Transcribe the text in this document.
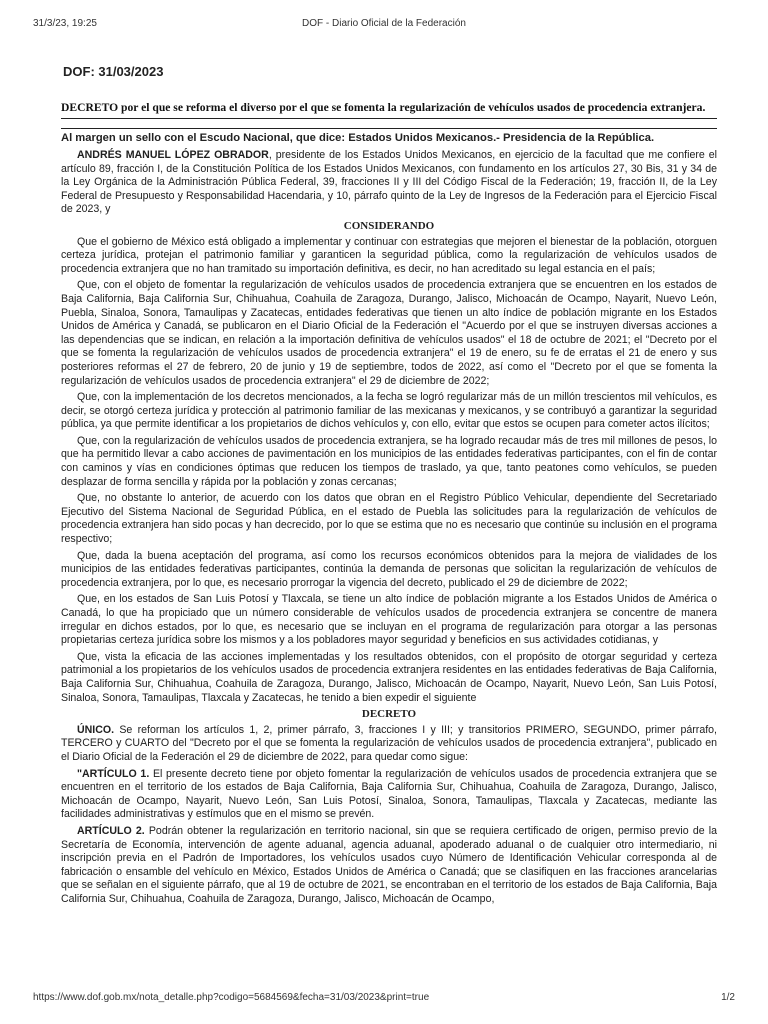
31/3/23, 19:25	DOF - Diario Oficial de la Federación
DOF: 31/03/2023
DECRETO por el que se reforma el diverso por el que se fomenta la regularización de vehículos usados de procedencia extranjera.
Al margen un sello con el Escudo Nacional, que dice: Estados Unidos Mexicanos.- Presidencia de la República.

ANDRÉS MANUEL LÓPEZ OBRADOR, presidente de los Estados Unidos Mexicanos, en ejercicio de la facultad que me confiere el artículo 89, fracción I, de la Constitución Política de los Estados Unidos Mexicanos, con fundamento en los artículos 27, 30 Bis, 31 y 34 de la Ley Orgánica de la Administración Pública Federal, 39, fracciones II y III del Código Fiscal de la Federación; 19, fracción II, de la Ley Federal de Presupuesto y Responsabilidad Hacendaria, y 10, párrafo quinto de la Ley de Ingresos de la Federación para el Ejercicio Fiscal de 2023, y

CONSIDERANDO

Que el gobierno de México está obligado a implementar y continuar con estrategias que mejoren el bienestar de la población, otorguen certeza jurídica, protejan el patrimonio familiar y garanticen la seguridad pública, como la regularización de vehículos usados de procedencia extranjera que no han tramitado su importación definitiva, es decir, no han acreditado su legal estancia en el país;

Que, con el objeto de fomentar la regularización de vehículos usados de procedencia extranjera que se encuentren en los estados de Baja California, Baja California Sur, Chihuahua, Coahuila de Zaragoza, Durango, Jalisco, Michoacán de Ocampo, Nayarit, Nuevo León, Puebla, Sinaloa, Sonora, Tamaulipas y Zacatecas, entidades federativas que tienen un alto índice de población migrante en los Estados Unidos de América y Canadá, se publicaron en el Diario Oficial de la Federación el "Acuerdo por el que se instruyen diversas acciones a las dependencias que se indican, en relación a la importación definitiva de vehículos usados" el 18 de octubre de 2021; el "Decreto por el que se fomenta la regularización de vehículos usados de procedencia extranjera" el 19 de enero, su fe de erratas el 21 de enero y sus posteriores reformas el 27 de febrero, 20 de junio y 19 de septiembre, todos de 2022, así como el "Decreto por el que se fomenta la regularización de vehículos usados de procedencia extranjera" el 29 de diciembre de 2022;

Que, con la implementación de los decretos mencionados, a la fecha se logró regularizar más de un millón trescientos mil vehículos, es decir, se otorgó certeza jurídica y protección al patrimonio familiar de las mexicanas y mexicanos, y se contribuyó a garantizar la seguridad pública, ya que permite identificar a los propietarios de dichos vehículos y, con ello, evitar que estos se ocupen para cometer actos ilícitos;

Que, con la regularización de vehículos usados de procedencia extranjera, se ha logrado recaudar más de tres mil millones de pesos, lo que ha permitido llevar a cabo acciones de pavimentación en los municipios de las entidades federativas participantes, con el fin de contar con caminos y vías en condiciones óptimas que reducen los tiempos de traslado, ya que, tanto peatones como vehículos, se pueden desplazar de forma sencilla y rápida por la población y zonas cercanas;

Que, no obstante lo anterior, de acuerdo con los datos que obran en el Registro Público Vehicular, dependiente del Secretariado Ejecutivo del Sistema Nacional de Seguridad Pública, en el estado de Puebla las solicitudes para la regularización de vehículos de procedencia extranjera han sido pocas y han decrecido, por lo que se estima que no es necesario que continúe su inclusión en el programa respectivo;

Que, dada la buena aceptación del programa, así como los recursos económicos obtenidos para la mejora de vialidades de los municipios de las entidades federativas participantes, continúa la demanda de personas que solicitan la regularización de vehículos de procedencia extranjera, por lo que, es necesario prorrogar la vigencia del decreto, publicado el 29 de diciembre de 2022;

Que, en los estados de San Luis Potosí y Tlaxcala, se tiene un alto índice de población migrante a los Estados Unidos de América o Canadá, lo que ha propiciado que un número considerable de vehículos usados de procedencia extranjera se concentre de manera irregular en dichos estados, por lo que, es necesario que se incluyan en el programa de regularización para otorgar a las personas propietarias certeza jurídica sobre los mismos y a los pobladores mayor seguridad y beneficios en sus actividades cotidianas, y

Que, vista la eficacia de las acciones implementadas y los resultados obtenidos, con el propósito de otorgar seguridad y certeza patrimonial a los propietarios de los vehículos usados de procedencia extranjera residentes en las entidades federativas de Baja California, Baja California Sur, Chihuahua, Coahuila de Zaragoza, Durango, Jalisco, Michoacán de Ocampo, Nayarit, Nuevo León, San Luis Potosí, Sinaloa, Sonora, Tamaulipas, Tlaxcala y Zacatecas, he tenido a bien expedir el siguiente

DECRETO

ÚNICO. Se reforman los artículos 1, 2, primer párrafo, 3, fracciones I y III; y transitorios PRIMERO, SEGUNDO, primer párrafo, TERCERO y CUARTO del "Decreto por el que se fomenta la regularización de vehículos usados de procedencia extranjera", publicado en el Diario Oficial de la Federación el 29 de diciembre de 2022, para quedar como sigue:

"ARTÍCULO 1. El presente decreto tiene por objeto fomentar la regularización de vehículos usados de procedencia extranjera que se encuentren en el territorio de los estados de Baja California, Baja California Sur, Chihuahua, Coahuila de Zaragoza, Durango, Jalisco, Michoacán de Ocampo, Nayarit, Nuevo León, San Luis Potosí, Sinaloa, Sonora, Tamaulipas, Tlaxcala y Zacatecas, mediante las facilidades administrativas y estímulos que en el mismo se prevén.

ARTÍCULO 2. Podrán obtener la regularización en territorio nacional, sin que se requiera certificado de origen, permiso previo de la Secretaría de Economía, intervención de agente aduanal, agencia aduanal, apoderado aduanal o de cualquier otro intermediario, ni inscripción previa en el Padrón de Importadores, los vehículos usados cuyo Número de Identificación Vehicular corresponda al de fabricación o ensamble del vehículo en México, Estados Unidos de América o Canadá; que se clasifiquen en las fracciones arancelarias que se señalan en el siguiente párrafo, que al 19 de octubre de 2021, se encontraban en el territorio de los estados de Baja California, Baja California Sur, Chihuahua, Coahuila de Zaragoza, Durango, Jalisco, Michoacán de Ocampo,

https://www.dof.gob.mx/nota_detalle.php?codigo=5684569&fecha=31/03/2023&print=true	1/2
